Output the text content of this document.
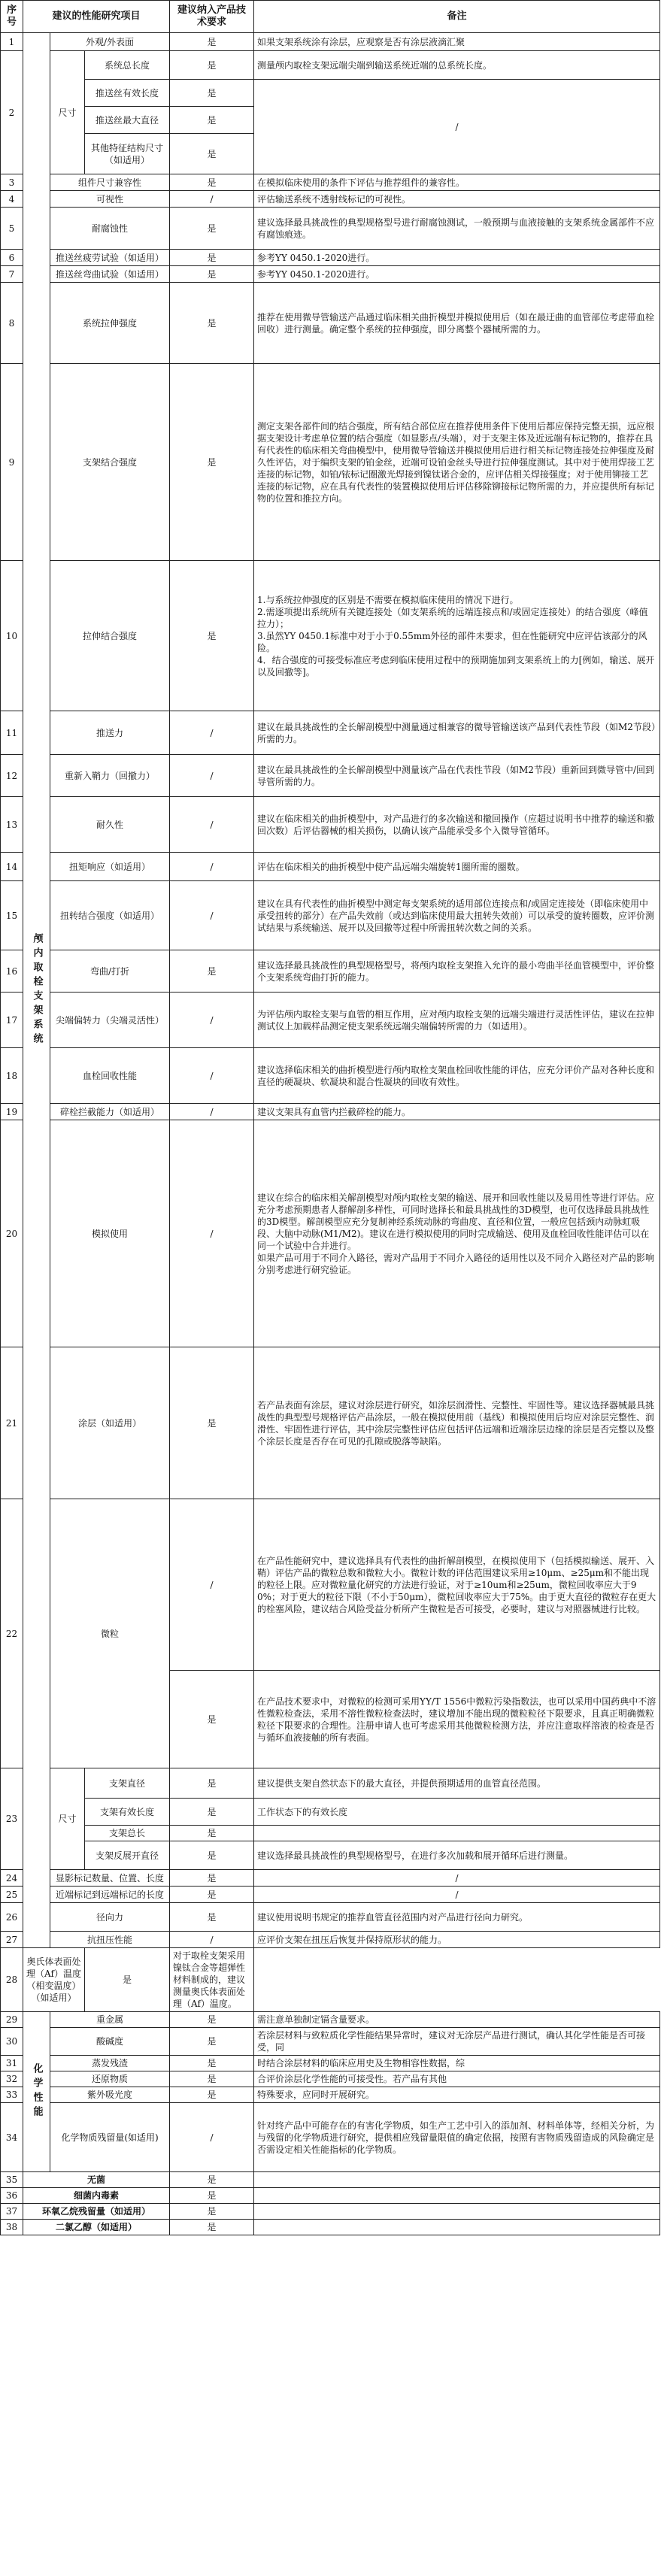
序号	建议的性能研究项目			建议纳入产品技术要求	备注
1	颅内取栓支架系统	外观/外表面		是	如果支架系统涂有涂层，应观察是否有涂层液滴汇聚
2		尺寸	系统总长度	是	测量颅内取栓支架远端尖端到输送系统近端的总系统长度。
			推送丝有效长度	是	/
			推送丝最大直径	是	
			其他特征结构尺寸（如适用）	是	
3		组件尺寸兼容性		是	在模拟临床使用的条件下评估与推荐组件的兼容性。
4		可视性		/	评估输送系统不透射线标记的可视性。
5		耐腐蚀性		是	建议选择最具挑战性的典型规格型号进行耐腐蚀测试，一般预期与血液接触的支架系统金属部件不应有腐蚀痕迹。
6		推送丝疲劳试验（如适用）		是	参考YY 0450.1-2020进行。
7		推送丝弯曲试验（如适用）		是	参考YY 0450.1-2020进行。
8		系统拉伸强度		是	推荐在使用微导管输送产品通过临床相关曲折模型并模拟使用后（如在最迂曲的血管部位考虑带血栓回收）进行测量。确定整个系统的拉伸强度，即分离整个器械所需的力。
9		支架结合强度		是	测定支架各部件间的结合强度，所有结合部位应在推荐使用条件下使用后都应保持完整无损，远应根据支架设计考虑单位置的结合强度（如显影点/头端），对于支架主体及近远端有标记物的，推荐在具有代表性的临床相关弯曲模型中，使用微导管输送并模拟使用后进行相关标记物连接处拉伸强度及耐久性评估，对于编织支架的铂金丝，近端可设铂金丝头导进行拉伸强度测试。其中对于使用焊接工艺连接的标记物，如铂/铱标记圈激光焊接到镍钛诺合金的，应评估相关焊接强度；对于使用铆接工艺连接的标记物，应在具有代表性的装置模拟使用后评估移除铆接标记物所需的力，并应提供所有标记物的位置和推拉方向。
10		拉伸结合强度		是	1.与系统拉伸强度的区别是不需要在模拟临床使用的情况下进行。
2.需逐项提出系统所有关键连接处（如支架系统的远端连接点和/或固定连接处）的结合强度（峰值拉力）；
3.虽然YY 0450.1标准中对于小于0.55mm外径的部件未要求，但在性能研究中应评估该部分的风险。
4．结合强度的可接受标准应考虑到临床使用过程中的预期施加到支架系统上的力[例如，输送、展开以及回撤等]。
11		推送力		/	建议在最具挑战性的全长解剖模型中测量通过相兼容的微导管输送该产品到代表性节段（如M2节段）所需的力。
12		重新入鞘力（回撤力）		/	建议在最具挑战性的全长解剖模型中测量该产品在代表性节段（如M2节段）重新回到微导管中/回到导管所需的力。
13		耐久性		/	建议在临床相关的曲折模型中，对产品进行的多次输送和撤回操作（应超过说明书中推荐的输送和撤回次数）后评估器械的相关损伤，以确认该产品能承受多个入微导管循环。
14		扭矩响应（如适用）		/	评估在临床相关的曲折模型中使产品远端尖端旋转1圈所需的圈数。
15		扭转结合强度（如适用）		/	建议在具有代表性的曲折模型中测定每支架系统的适用部位连接点和/或固定连接处（即临床使用中承受扭转的部分）在产品失效前（或达到临床使用最大扭转失效前）可以承受的旋转圈数，应评价测试结果与系统输送、展开以及回撤等过程中所需扭转次数之间的关系。
16		弯曲/打折		是	建议选择最具挑战性的典型规格型号，将颅内取栓支架推入允许的最小弯曲半径血管模型中，评价整个支架系统弯曲打折的能力。
17		尖端偏转力（尖端灵活性）		/	为评估颅内取栓支架与血管的相互作用，应对颅内取栓支架的远端尖端进行灵活性评估，建议在拉伸测试仪上加载样品测定使支架系统远端尖端偏转所需的力（如适用）。
18		血栓回收性能		/	建议选择临床相关的曲折模型进行颅内取栓支架血栓回收性能的评估，应充分评价产品对各种长度和直径的硬凝块、软凝块和混合性凝块的回收有效性。
19		碎栓拦截能力（如适用）		/	建议支架具有血管内拦截碎栓的能力。
20		模拟使用		/	建议在综合的临床相关解剖模型对颅内取栓支架的输送、展开和回收性能以及易用性等进行评估。应充分考虑预期患者人群解剖多样性，可同时选择长和最具挑战性的3D模型，也可仅选择最具挑战性的3D模型。解剖模型应充分复制神经系统动脉的弯曲度、直径和位置，一般应包括颈内动脉虹吸段、大脑中动脉(M1/M2)。建议在进行模拟使用的同时完成输送、使用及血栓回收性能评估可以在同一个试验中合并进行。
如果产品可用于不同介入路径，需对产品用于不同介入路径的适用性以及不同介入路径对产品的影响分别考虑进行研究验证。
21		涂层（如适用）		是	若产品表面有涂层，建议对涂层进行研究，如涂层润滑性、完整性、牢固性等。建议选择器械最具挑战性的典型型号规格评估产品涂层，一般在模拟使用前（基线）和模拟使用后均应对涂层完整性、润滑性、牢固性进行评估，其中涂层完整性评估应包括评估远端和近端涂层边缘的涂层是否完整以及整个涂层长度是否存在可见的孔隙或脱落等缺陷。
22		微粒		/	在产品性能研究中，建议选择具有代表性的曲折解剖模型，在模拟使用下（包括模拟输送、展开、入鞘）评估产品的微粒总数和微粒大小。微粒计数的评估范围建议采用≥10μm、≥25μm和不能出现的粒径上限。应对微粒量化研究的方法进行验证，对于≥10um和≥25um，微粒回收率应大于90%；对于更大的粒径下限（不小于50μm），微粒回收率应大于75%。由于更大直径的微粒存在更大的栓塞风险，建议结合风险受益分析所产生微粒是否可接受，必要时，建议与对照器械进行比较。
				是	在产品技术要求中，对微粒的检测可采用YY/T 1556中微粒污染指数法，也可以采用中国药典中不溶性微粒检查法，采用不溶性微粒检查法时，建议增加不能出现的微粒粒径下限要求，且真正明确微粒粒径下限要求的合理性。注册申请人也可考虑采用其他微粒检测方法，并应注意取样溶液的检查是否与循环血液接触的所有表面。
23		尺寸	支架直径	是	建议提供支架自然状态下的最大直径，并提供预期适用的血管直径范围。
			支架有效长度	是	工作状态下的有效长度
			支架总长	是	
			支架反展开直径	是	建议选择最具挑战性的典型规格型号，在进行多次加载和展开循环后进行测量。
24		显影标记数量、位置、长度		是	/
25		近端标记到远端标记的长度		是	/
26		径向力		是	建议使用说明书规定的推荐血管直径范围内对产品进行径向力研究。
27		抗扭压性能		/	应评价支架在扭压后恢复并保持原形状的能力。
28	奥氏体表面处理（Af）温度（相变温度）（如适用）		是	对于取栓支架采用镍钛合金等超弹性材料制成的，建议测量奥氏体表面处理（Af）温度。	
29	化学性能	重金属		是	需注意单独制定镉含量要求。
30		酸碱度		是	若涂层材料与致粒质化学性能结果异常时，建议对无涂层产品进行测试，确认其化学性能是否可接受，同
31		蒸发残渣		是	时结合涂层材料的临床应用史及生物相容性数据，综
32		还原物质		是	合评价涂层化学性能的可接受性。若产品有其他
33		紫外吸光度		是	特殊要求，应同时开展研究。
34		化学物质残留量(如适用)		/	针对终产品中可能存在的有害化学物质，如生产工艺中引入的添加剂、材料单体等，经相关分析，为与残留的化学物质进行研究，提供相应残留量限值的确定依据，按照有害物质残留造成的风险确定是否需设定相关性能指标的化学物质。
35	无菌			是	
36	细菌内毒素			是	
37	环氧乙烷残留量（如适用）			是	
38	二氯乙醇（如适用）			是	
